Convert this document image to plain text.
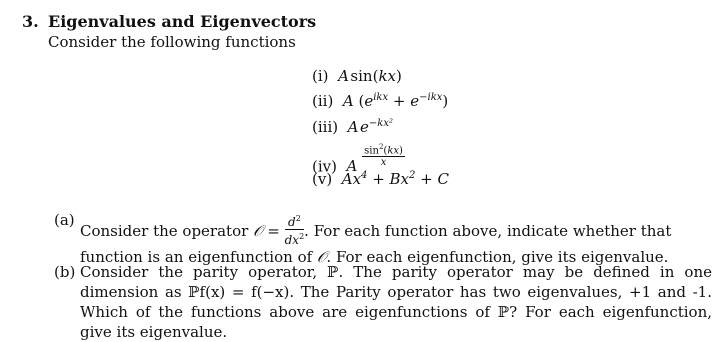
3. Eigenvalues and Eigenvectors
Consider the following functions
(i) A sin(kx)
(ii) A $(e^{ikx} + e^{-ikx})$
(iii) A  $e^{-kx^2}$
(iv) A $\frac{\sin^2(kx)}{x}$
(v) $Ax^4 + Bx^2 + C$
(a)
Consider the operator 𝒪 = $\frac{d^2}{dx^2}$ . For each function above, indicate whether that function is an eigenfunction of 𝒪. For each eigenfunction, give its eigenvalue.
(b) Consider the parity operator, ℙ. The parity operator may be defined in one dimension as ℙf(x) = f(−x). The Parity operator has two eigenvalues, +1 and -1. Which of the functions above are eigenfunctions of ℙ? For each eigenfunction, give its eigenvalue.
